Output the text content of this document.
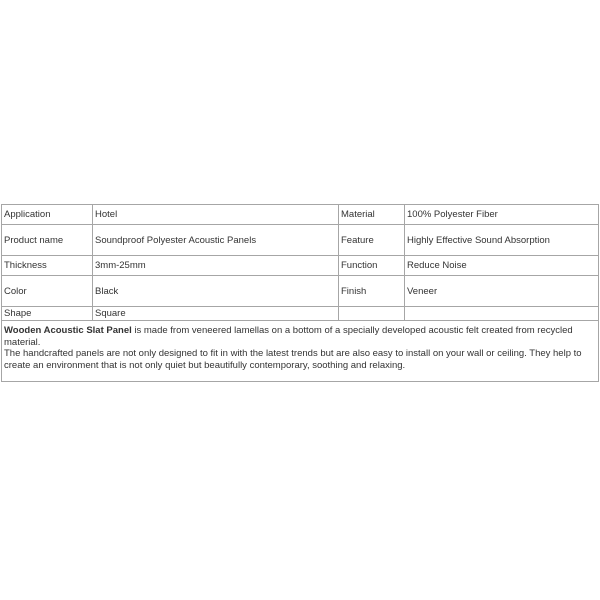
Application	Hotel	Material	100% Polyester Fiber
Product name	Soundproof Polyester Acoustic Panels	Feature	Highly Effective Sound Absorption
Thickness	3mm-25mm	Function	Reduce Noise
Color	Black	Finish	Veneer
Shape	Square		

Wooden Acoustic Slat Panel is made from veneered lamellas on a bottom of a specially developed acoustic felt created from recycled material.

The handcrafted panels are not only designed to fit in with the latest trends but are also easy to install on your wall or ceiling. They help to create an environment that is not only quiet but beautifully contemporary, soothing and relaxing.			
